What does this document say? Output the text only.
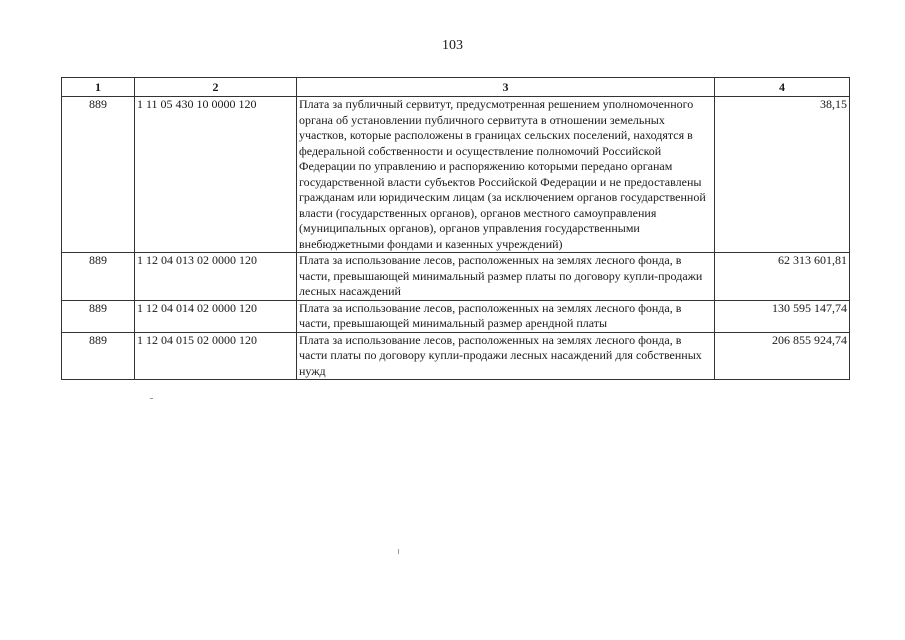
103
1	2	3	4
889	1 11 05 430 10 0000 120	Плата за публичный сервитут, предусмотренная решением уполномоченного органа об установлении публичного сервитута в отношении земельных участков, которые расположены в границах сельских поселений, находятся в федеральной собственности и осуществление полномочий Российской Федерации по управлению и распоряжению которыми передано органам государственной власти субъектов Российской Федерации и не предоставлены гражданам или юридическим лицам (за исключением органов государственной власти (государственных органов), органов местного самоуправления (муниципальных органов), органов управления государственными внебюджетными фондами и казенных учреждений)	38,15
889	1 12 04 013 02 0000 120	Плата за использование лесов, расположенных на землях лесного фонда, в части, превышающей минимальный размер платы по договору купли-продажи лесных насаждений	62 313 601,81
889	1 12 04 014 02 0000 120	Плата за использование лесов, расположенных на землях лесного фонда, в части, превышающей минимальный размер арендной платы	130 595 147,74
889	1 12 04 015 02 0000 120	Плата за использование лесов, расположенных на землях лесного фонда, в части платы по договору купли-продажи лесных насаждений для собственных нужд	206 855 924,74
